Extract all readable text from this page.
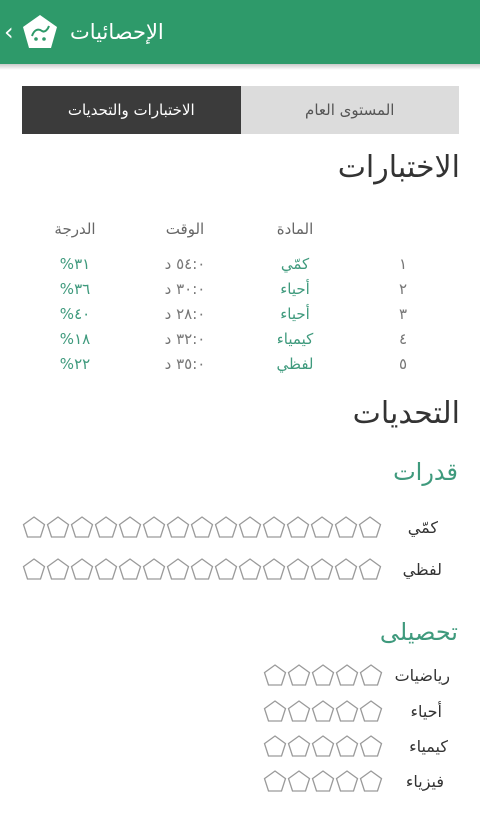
‹	الإحصائيات
الاختبارات والتحديات	المستوى العام
الاختبارات
المادة
الوقت
الدرجة
١
كمّي
٥٤:٠ د
٣١%
٢
أحياء
٣٠:٠ د
٣٦%
٣
أحياء
٢٨:٠ د
٤٠%
٤
كيمياء
٣٢:٠ د
١٨%
٥
لفظي
٣٥:٠ د
٢٢%
التحديات
قدرات
كمّي
لفظي
تحصيلى
رياضيات
أحياء
كيمياء
فيزياء
